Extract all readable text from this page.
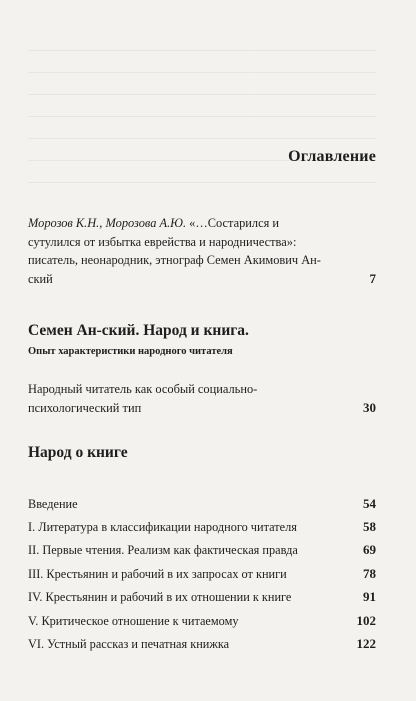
Оглавление
Морозов К.Н., Морозова А.Ю. «…Состарился и сутулился от избытка еврейства и народничества»: писатель, неонародник, этнограф Семен Акимович Ан-ский	7
Семен Ан-ский. Народ и книга.
Опыт характеристики народного читателя
Народный читатель как особый социально-психологический тип	30
Народ о книге
Введение	54
I. Литература в классификации народного читателя	58
II. Первые чтения. Реализм как фактическая правда	69
III. Крестьянин и рабочий в их запросах от книги	78
IV. Крестьянин и рабочий в их отношении к книге	91
V. Критическое отношение к читаемому	102
VI. Устный рассказ и печатная книжка	122
